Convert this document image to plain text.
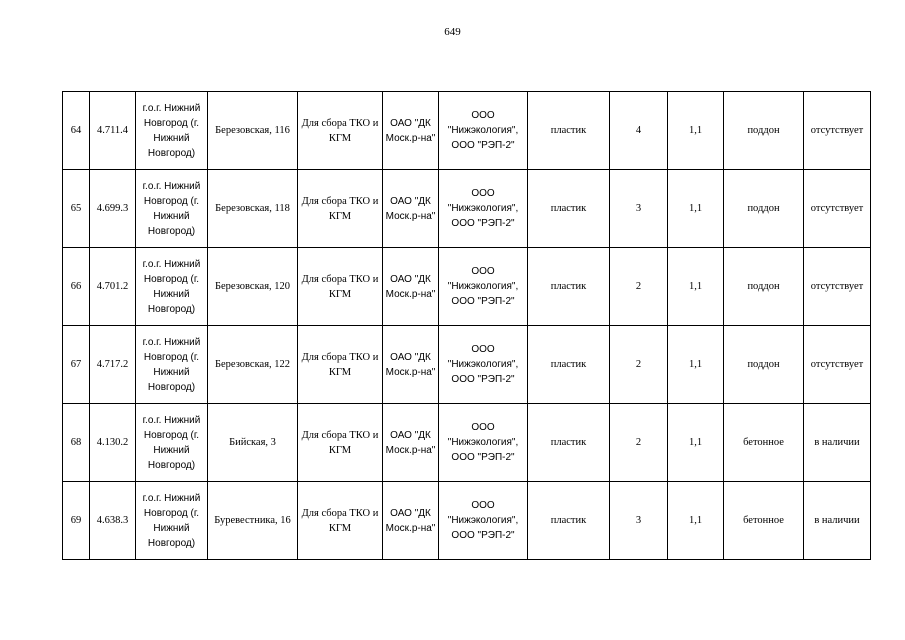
649
64	4.711.4	г.о.г. Нижний Новгород (г. Нижний Новгород)	Березовская, 116	Для сбора ТКО и КГМ	ОАО "ДК Моск.р-на"	ООО "Нижэкология", ООО "РЭП-2"	пластик	4	1,1	поддон	отсутствует
65	4.699.3	г.о.г. Нижний Новгород (г. Нижний Новгород)	Березовская, 118	Для сбора ТКО и КГМ	ОАО "ДК Моск.р-на"	ООО "Нижэкология", ООО "РЭП-2"	пластик	3	1,1	поддон	отсутствует
66	4.701.2	г.о.г. Нижний Новгород (г. Нижний Новгород)	Березовская, 120	Для сбора ТКО и КГМ	ОАО "ДК Моск.р-на"	ООО "Нижэкология", ООО "РЭП-2"	пластик	2	1,1	поддон	отсутствует
67	4.717.2	г.о.г. Нижний Новгород (г. Нижний Новгород)	Березовская, 122	Для сбора ТКО и КГМ	ОАО "ДК Моск.р-на"	ООО "Нижэкология", ООО "РЭП-2"	пластик	2	1,1	поддон	отсутствует
68	4.130.2	г.о.г. Нижний Новгород (г. Нижний Новгород)	Бийская, 3	Для сбора ТКО и КГМ	ОАО "ДК Моск.р-на"	ООО "Нижэкология", ООО "РЭП-2"	пластик	2	1,1	бетонное	в наличии
69	4.638.3	г.о.г. Нижний Новгород (г. Нижний Новгород)	Буревестника, 16	Для сбора ТКО и КГМ	ОАО "ДК Моск.р-на"	ООО "Нижэкология", ООО "РЭП-2"	пластик	3	1,1	бетонное	в наличии
